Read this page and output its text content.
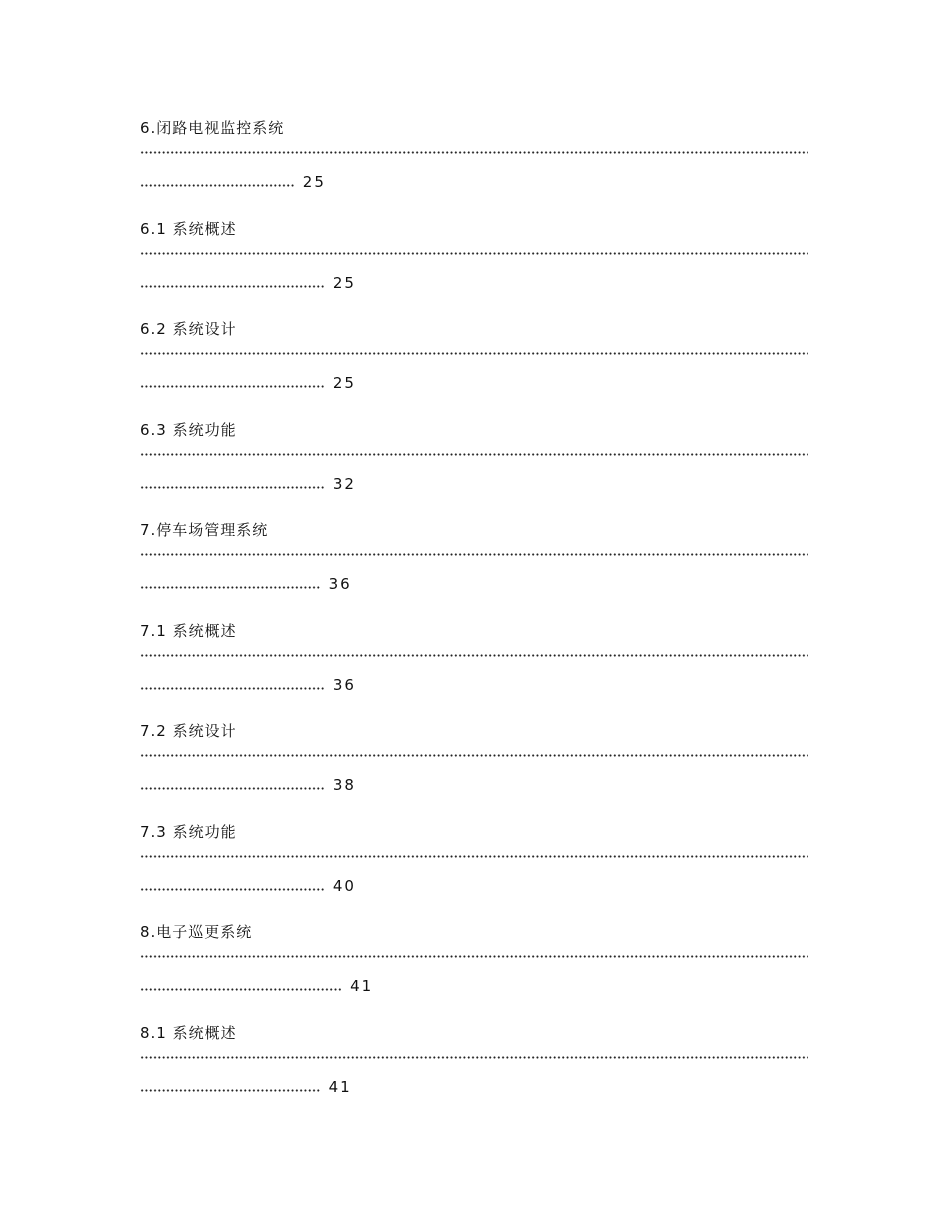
6.闭路电视监控系统
25
6.1 系统概述
25
6.2 系统设计
25
6.3 系统功能
32
7.停车场管理系统
36
7.1 系统概述
36
7.2 系统设计
38
7.3 系统功能
40
8.电子巡更系统
41
8.1 系统概述
41
